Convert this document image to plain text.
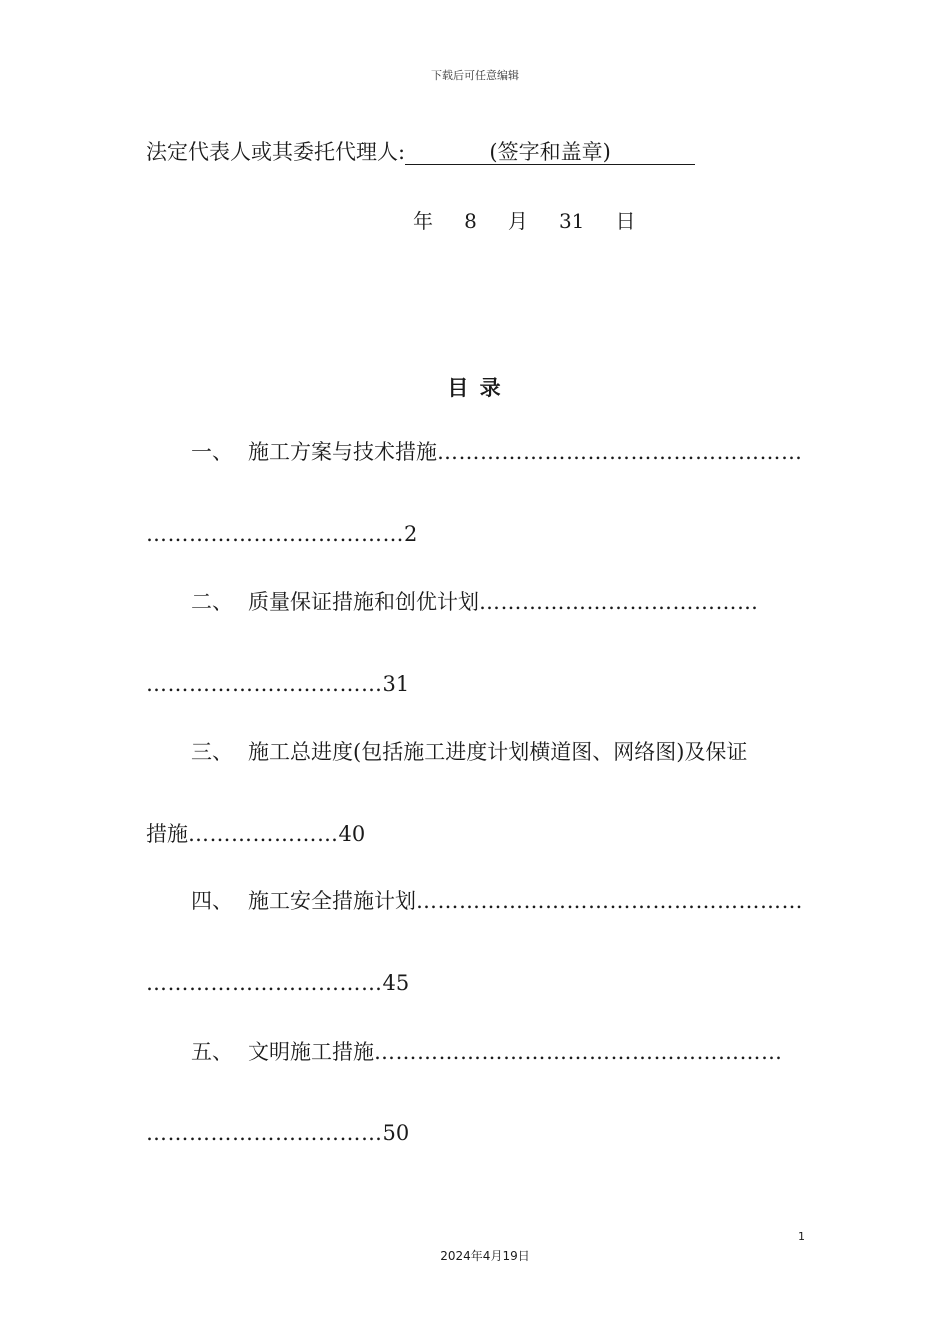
下载后可任意编辑
法定代表人或其委托代理人:	(签字和盖章)
年   8   月   31   日
目 录
一、 施工方案与技术措施……………………………………………
………………………………2
二、 质量保证措施和创优计划…………………………………
……………………………31
三、 施工总进度(包括施工进度计划横道图、网络图)及保证
措施…………………40
四、 施工安全措施计划………………………………………………
……………………………45
五、 文明施工措施…………………………………………………
……………………………50
1
2024年4月19日
